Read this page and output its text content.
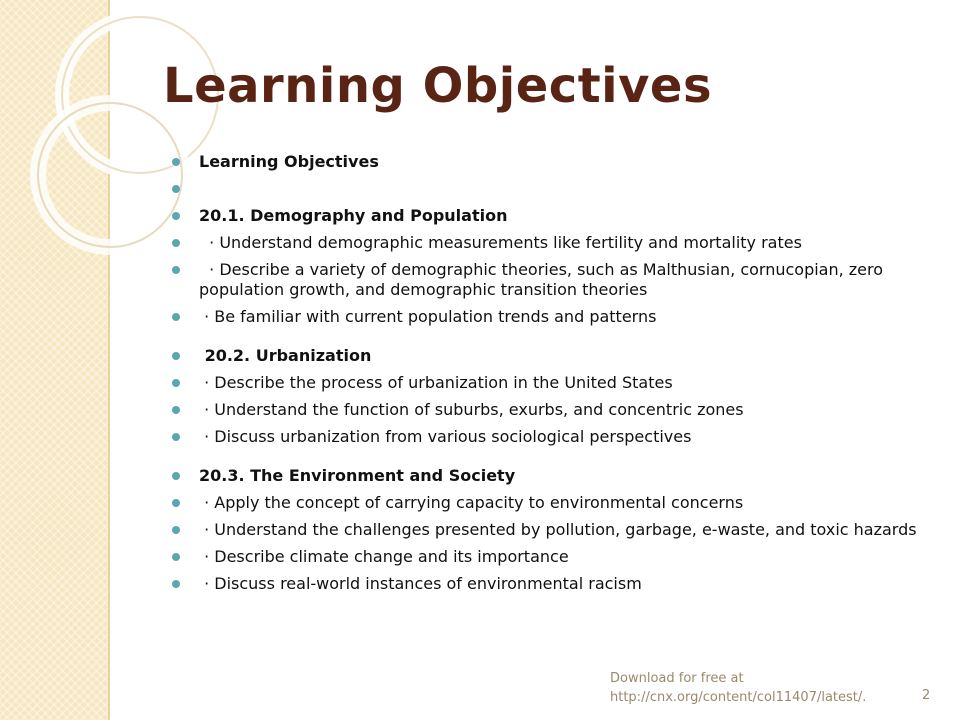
Learning Objectives
Learning Objectives
20.1. Demography and Population
· Understand demographic measurements like fertility and mortality rates
· Describe a variety of demographic theories, such as Malthusian, cornucopian, zero population growth, and demographic transition theories
· Be familiar with current population trends and patterns
20.2. Urbanization
· Describe the process of urbanization in the United States
· Understand the function of suburbs, exurbs, and concentric zones
· Discuss urbanization from various sociological perspectives
20.3. The Environment and Society
· Apply the concept of carrying capacity to environmental concerns
· Understand the challenges presented by pollution, garbage, e-waste, and toxic hazards
· Describe climate change and its importance
· Discuss real-world instances of environmental racism
Download for free at
http://cnx.org/content/col11407/latest/.	2
